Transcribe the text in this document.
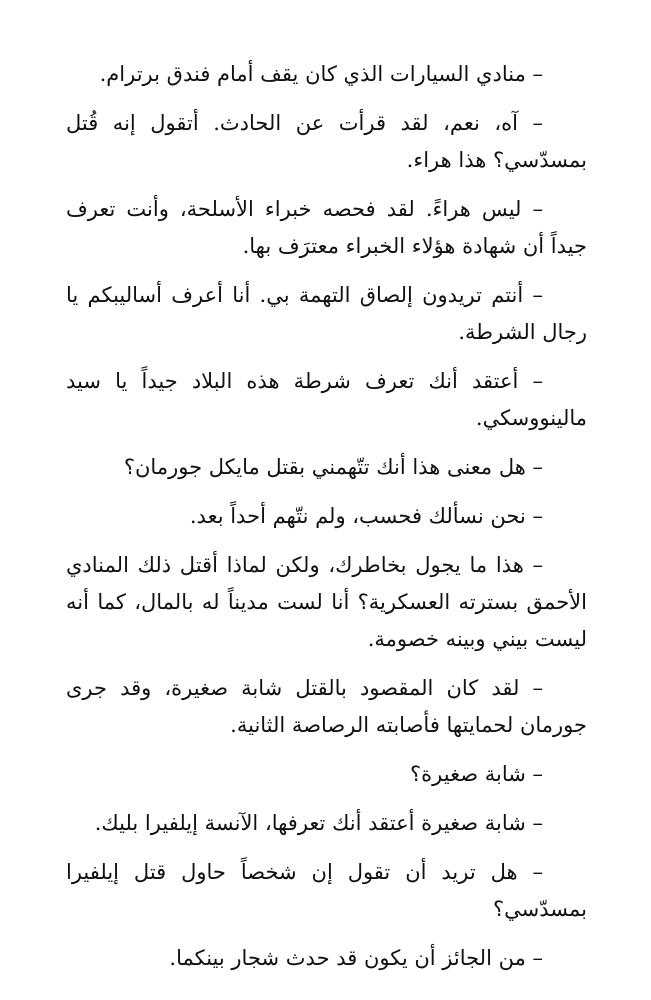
– منادي السيارات الذي كان يقف أمام فندق برترام.

– آه، نعم، لقد قرأت عن الحادث. أتقول إنه قُتل بمسدّسي؟ هذا هراء.

– ليس هراءً. لقد فحصه خبراء الأسلحة، وأنت تعرف جيداً أن شهادة هؤلاء الخبراء معترَف بها.

– أنتم تريدون إلصاق التهمة بي. أنا أعرف أساليبكم يا رجال الشرطة.

– أعتقد أنك تعرف شرطة هذه البلاد جيداً يا سيد مالينووسكي.

– هل معنى هذا أنك تتّهمني بقتل مايكل جورمان؟

– نحن نسألك فحسب، ولم نتّهم أحداً بعد.

– هذا ما يجول بخاطرك، ولكن لماذا أقتل ذلك المنادي الأحمق بسترته العسكرية؟ أنا لست مديناً له بالمال، كما أنه ليست بيني وبينه خصومة.

– لقد كان المقصود بالقتل شابة صغيرة، وقد جرى جورمان لحمايتها فأصابته الرصاصة الثانية.

– شابة صغيرة؟

– شابة صغيرة أعتقد أنك تعرفها، الآنسة إيلفيرا بليك.

– هل تريد أن تقول إن شخصاً حاول قتل إيلفيرا بمسدّسي؟

– من الجائز أن يكون قد حدث شجار بينكما.
